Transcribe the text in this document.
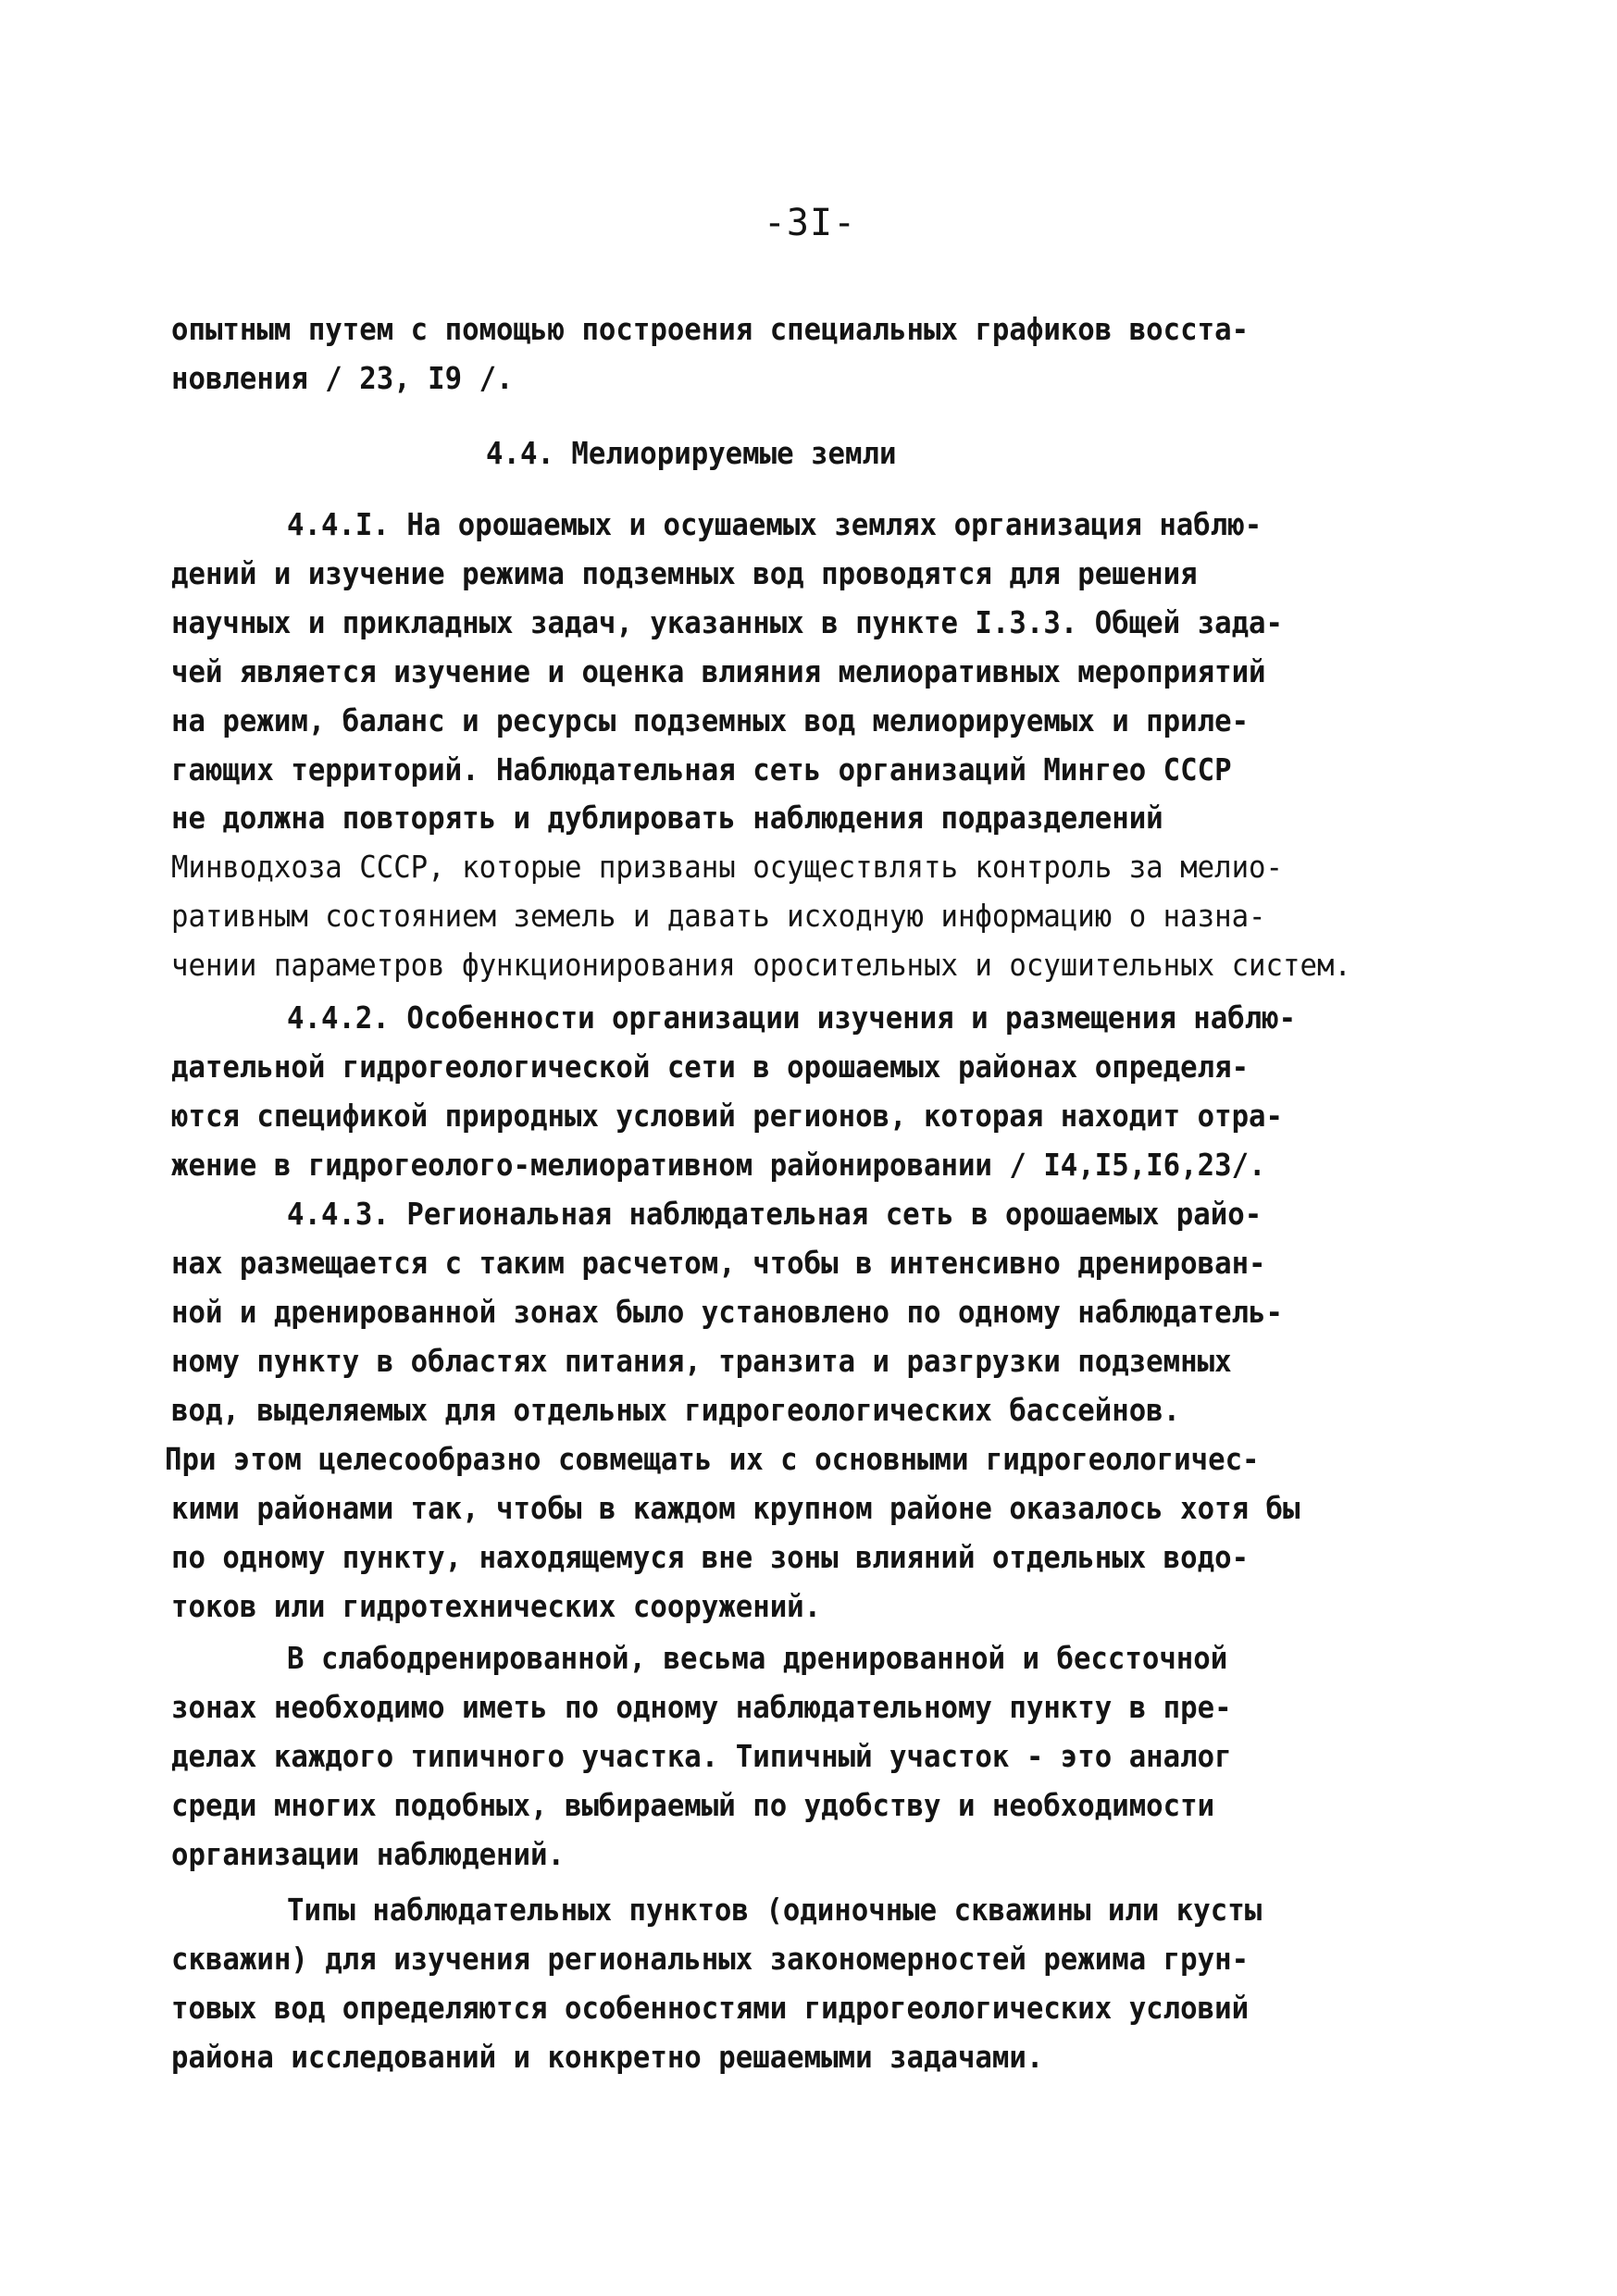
-3I-
опытным путем с помощью построения специальных графиков восста-
новления / 23, I9 /.
4.4. Мелиорируемые земли
4.4.I. На орошаемых и осушаемых землях организация наблю-
дений и изучение режима подземных вод проводятся для решения
научных и прикладных задач, указанных в пункте I.3.3. Общей зада-
чей является изучение и оценка влияния мелиоративных мероприятий
на режим, баланс и ресурсы подземных вод мелиорируемых и приле-
гающих территорий. Наблюдательная сеть организаций Мингео СССР
не должна повторять и дублировать наблюдения подразделений
Минводхоза СССР, которые призваны осуществлять контроль за мелио-
ративным состоянием земель и давать исходную информацию о назна-
чении параметров функционирования оросительных и осушительных систем.
4.4.2. Особенности организации изучения и размещения наблю-
дательной гидрогеологической сети в орошаемых районах определя-
ются спецификой природных условий регионов, которая находит отра-
жение в гидрогеолого-мелиоративном районировании / I4,I5,I6,23/.
4.4.3. Региональная наблюдательная сеть в орошаемых райо-
нах размещается с таким расчетом, чтобы в интенсивно дренирован-
ной и дренированной зонах было установлено по одному наблюдатель-
ному пункту в областях питания, транзита и разгрузки подземных
вод, выделяемых для отдельных гидрогеологических бассейнов.
При этом целесообразно совмещать их с основными гидрогеологичес-
кими районами так, чтобы в каждом крупном районе оказалось хотя бы
по одному пункту, находящемуся вне зоны влияний отдельных водо-
токов или гидротехнических сооружений.
В слабодренированной, весьма дренированной и бессточной
зонах необходимо иметь по одному наблюдательному пункту в пре-
делах каждого типичного участка. Типичный участок - это аналог
среди многих подобных, выбираемый по удобству и необходимости
организации наблюдений.
Типы наблюдательных пунктов (одиночные скважины или кусты
скважин) для изучения региональных закономерностей режима грун-
товых вод определяются особенностями гидрогеологических условий
района исследований и конкретно решаемыми задачами.
